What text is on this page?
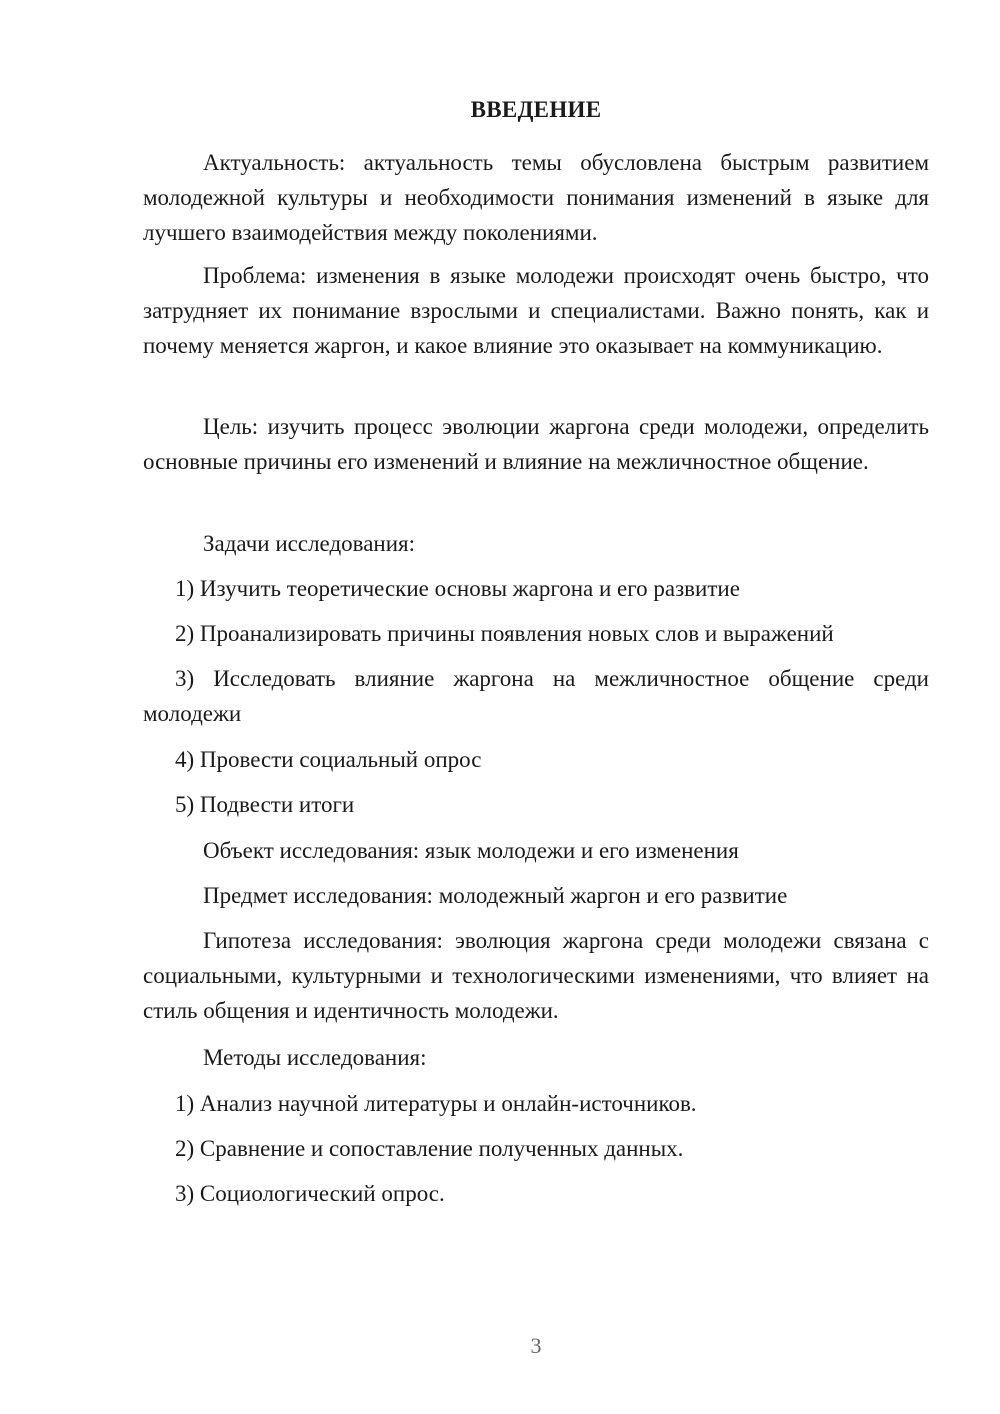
ВВЕДЕНИЕ

Актуальность: актуальность темы обусловлена быстрым развитием молодежной культуры и необходимости понимания изменений в языке для лучшего взаимодействия между поколениями.

Проблема: изменения в языке молодежи происходят очень быстро, что затрудняет их понимание взрослыми и специалистами. Важно понять, как и почему меняется жаргон, и какое влияние это оказывает на коммуникацию.

Цель: изучить процесс эволюции жаргона среди молодежи, определить основные причины его изменений и влияние на межличностное общение.

Задачи исследования:

1) Изучить теоретические основы жаргона и его развитие

2) Проанализировать причины появления новых слов и выражений

3) Исследовать влияние жаргона на межличностное общение среди молодежи

4) Провести социальный опрос

5) Подвести итоги

Объект исследования: язык молодежи и его изменения

Предмет исследования: молодежный жаргон и его развитие

Гипотеза исследования: эволюция жаргона среди молодежи связана с социальными, культурными и технологическими изменениями, что влияет на стиль общения и идентичность молодежи.

Методы исследования:

1) Анализ научной литературы и онлайн-источников.

2) Сравнение и сопоставление полученных данных.

3) Социологический опрос.

3
